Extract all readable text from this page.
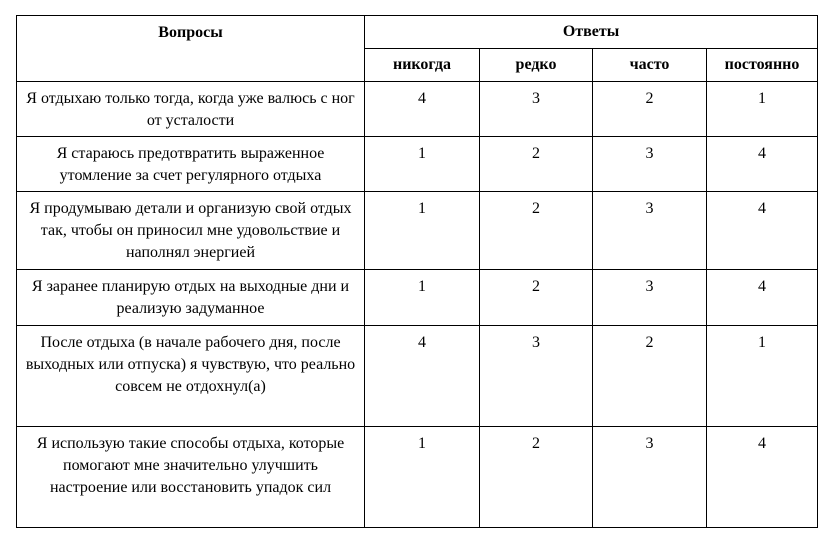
Вопросы	Ответы			
	никогда	редко	часто	постоянно
Я отдыхаю только тогда, когда уже валюсь с ног от усталости	4	3	2	1
Я стараюсь предотвратить выраженное утомление за счет регулярного отдыха	1	2	3	4
Я продумываю детали и организую свой отдых так, чтобы он приносил мне удовольствие и наполнял энергией	1	2	3	4
Я заранее планирую отдых на выходные дни и реализую задуманное	1	2	3	4
После отдыха (в начале рабочего дня, после выходных или отпуска) я чувствую, что реально совсем не отдохнул(а)	4	3	2	1
Я использую такие способы отдыха, которые помогают мне значительно улучшить настроение или восстановить упадок сил	1	2	3	4
